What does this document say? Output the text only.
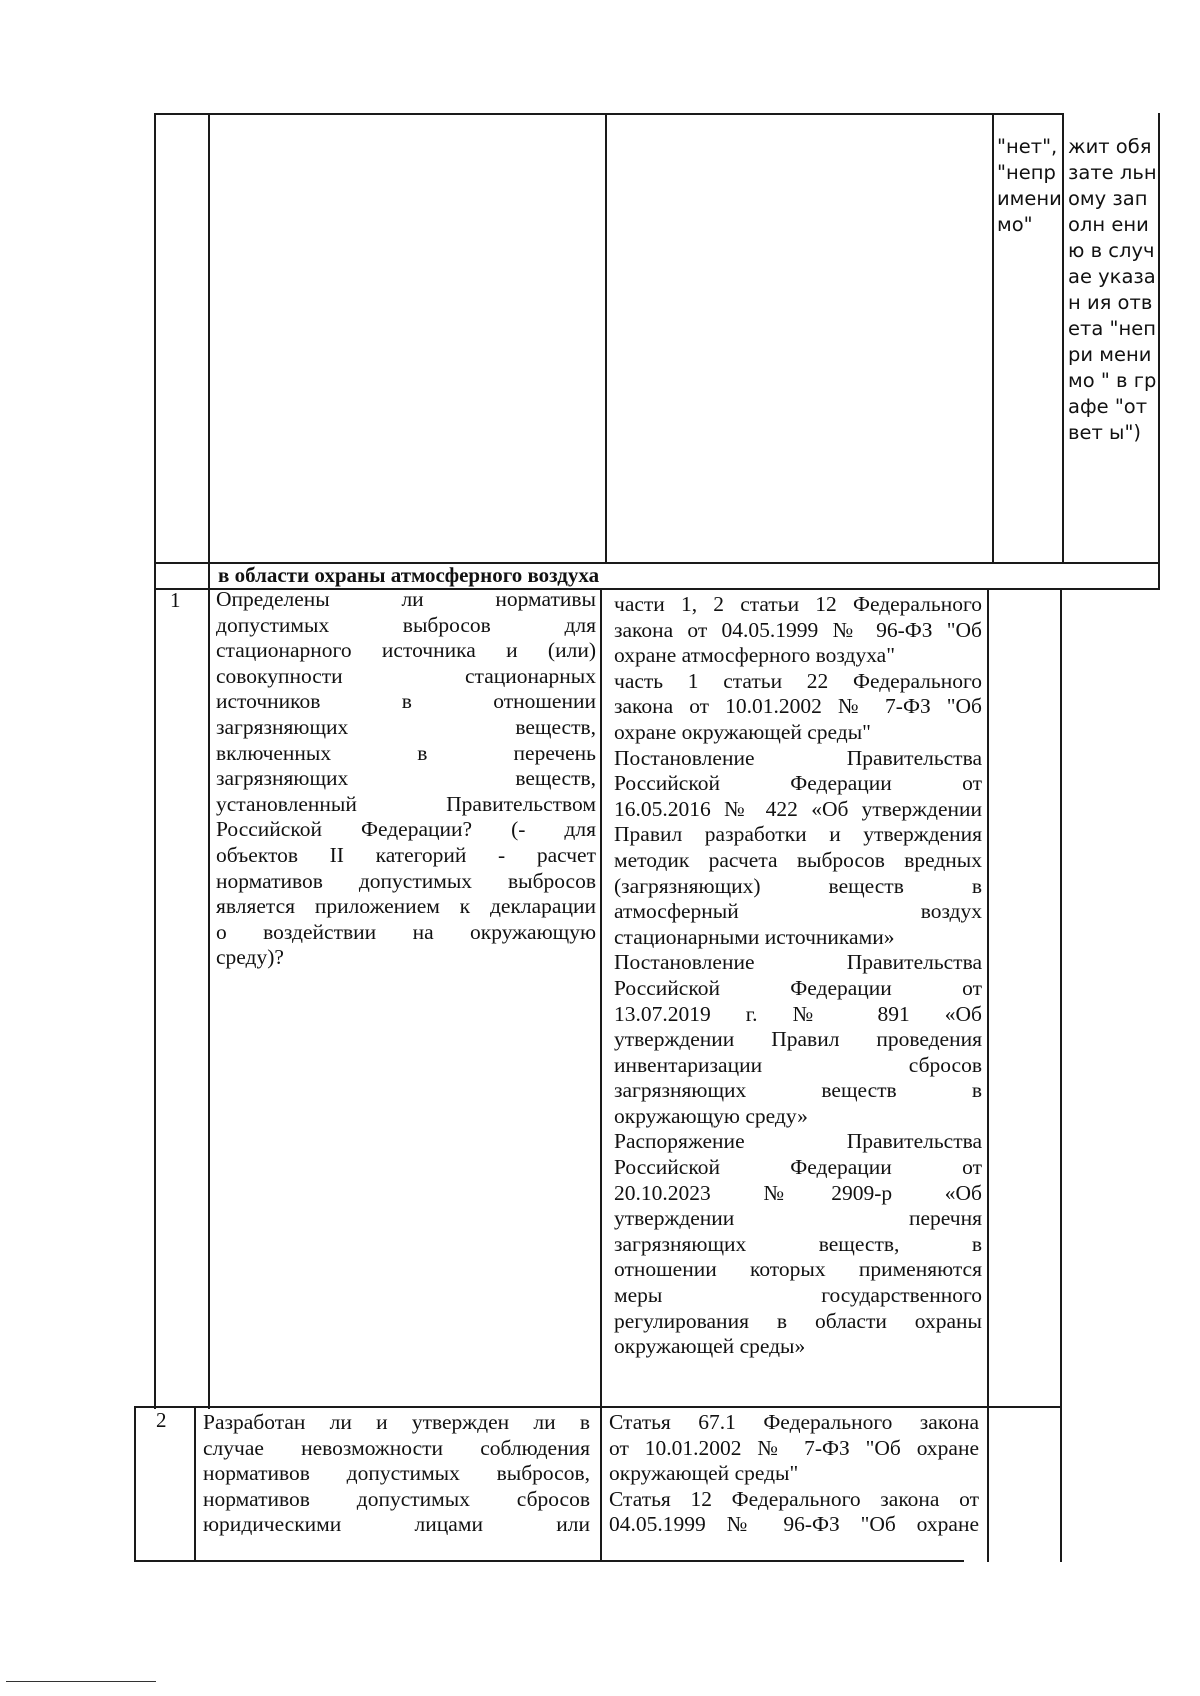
"нет", "непр имени мо"
жит обязате льному заполн ению в случае указан ия ответа "непри менимо " в графе "ответ ы")
в области охраны атмосферного воздуха
1 Определены ли нормативы
допустимых выбросов для
стационарного источника и (или)
совокупности стационарных
источников в отношении
загрязняющих веществ,
включенных в перечень
загрязняющих веществ,
установленный Правительством
Российской Федерации? (- для
объектов II категорий - расчет
нормативов допустимых выбросов
является приложением к декларации
о воздействии на окружающую
среду)?
части 1, 2 статьи 12 Федерального
закона от 04.05.1999 № 96-ФЗ "Об
охране атмосферного воздуха"
часть 1 статьи 22 Федерального
закона от 10.01.2002 № 7-ФЗ "Об
охране окружающей среды"
Постановление Правительства
Российской Федерации от
16.05.2016 № 422 «Об утверждении
Правил разработки и утверждения
методик расчета выбросов вредных
(загрязняющих) веществ в
атмосферный воздух
стационарными источниками»
Постановление Правительства
Российской Федерации от
13.07.2019 г. № 891 «Об
утверждении Правил проведения
инвентаризации сбросов
загрязняющих веществ в
окружающую среду»
Распоряжение Правительства
Российской Федерации от
20.10.2023 №2909-р «Об
утверждении перечня
загрязняющих веществ, в
отношении которых применяются
меры государственного
регулирования в области охраны
окружающей среды»
2 Разработан ли и утвержден ли в
случае невозможности соблюдения
нормативов допустимых выбросов,
нормативов допустимых сбросов
юридическими лицами или
Статья 67.1 Федерального закона
от 10.01.2002 № 7-ФЗ "Об охране
окружающей среды"
Статья 12 Федерального закона от
04.05.1999 № 96-ФЗ "Об охране
